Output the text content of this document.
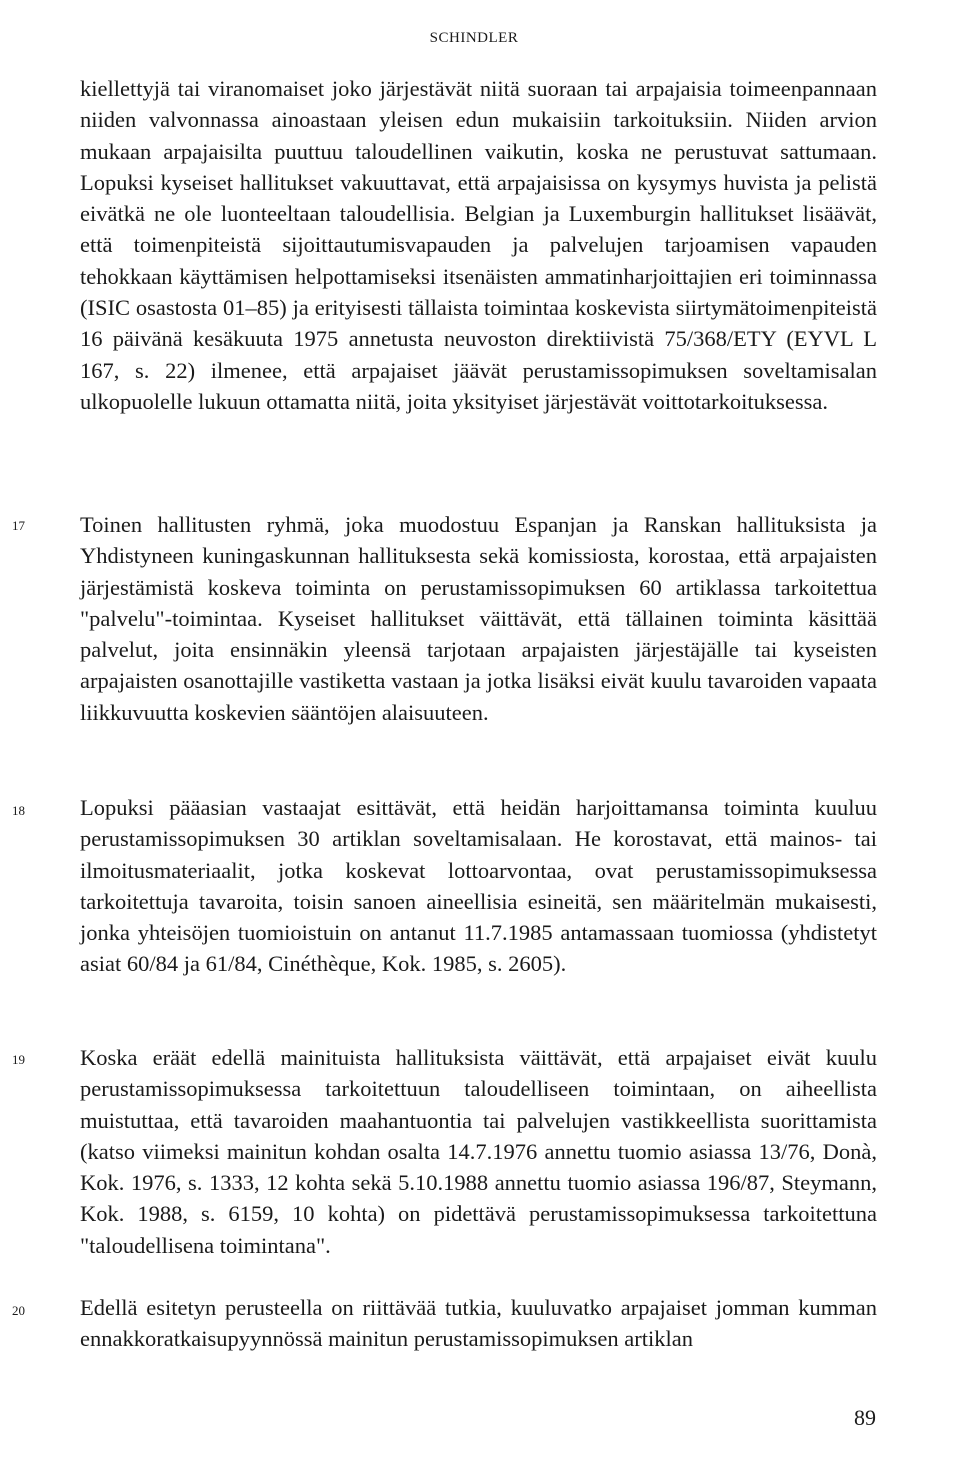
SCHINDLER

kiellettyjä tai viranomaiset joko järjestävät niitä suoraan tai arpajaisia toimeenpannaan niiden valvonnassa ainoastaan yleisen edun mukaisiin tarkoituksiin. Niiden arvion mukaan arpajaisilta puuttuu taloudellinen vaikutin, koska ne perustuvat sattumaan. Lopuksi kyseiset hallitukset vakuuttavat, että arpajaisissa on kysymys huvista ja pelistä eivätkä ne ole luonteeltaan taloudellisia. Belgian ja Luxemburgin hallitukset lisäävät, että toimenpiteistä sijoittautumisvapauden ja palvelujen tarjoamisen vapauden tehokkaan käyttämisen helpottamiseksi itsenäisten ammatinharjoittajien eri toiminnassa (ISIC osastosta 01–85) ja erityisesti tällaista toimintaa koskevista siirtymätoimenpiteistä 16 päivänä kesäkuuta 1975 annetusta neuvoston direktiivistä 75/368/ETY (EYVL L 167, s. 22) ilmenee, että arpajaiset jäävät perustamissopimuksen soveltamisalan ulkopuolelle lukuun ottamatta niitä, joita yksityiset järjestävät voittotarkoituksessa.

17 Toinen hallitusten ryhmä, joka muodostuu Espanjan ja Ranskan hallituksista ja Yhdistyneen kuningaskunnan hallituksesta sekä komissiosta, korostaa, että arpajaisten järjestämistä koskeva toiminta on perustamissopimuksen 60 artiklassa tarkoitettua "palvelu"-toimintaa. Kyseiset hallitukset väittävät, että tällainen toiminta käsittää palvelut, joita ensinnäkin yleensä tarjotaan arpajaisten järjestäjälle tai kyseisten arpajaisten osanottajille vastiketta vastaan ja jotka lisäksi eivät kuulu tavaroiden vapaata liikkuvuutta koskevien sääntöjen alaisuuteen.

18 Lopuksi pääasian vastaajat esittävät, että heidän harjoittamansa toiminta kuuluu perustamissopimuksen 30 artiklan soveltamisalaan. He korostavat, että mainos- tai ilmoitusmateriaalit, jotka koskevat lottoarvontaa, ovat perustamissopimuksessa tarkoitettuja tavaroita, toisin sanoen aineellisia esineitä, sen määritelmän mukaisesti, jonka yhteisöjen tuomioistuin on antanut 11.7.1985 antamassaan tuomiossa (yhdistetyt asiat 60/84 ja 61/84, Cinéthèque, Kok. 1985, s. 2605).

19 Koska eräät edellä mainituista hallituksista väittävät, että arpajaiset eivät kuulu perustamissopimuksessa tarkoitettuun taloudelliseen toimintaan, on aiheellista muistuttaa, että tavaroiden maahantuontia tai palvelujen vastikkeellista suorittamista (katso viimeksi mainitun kohdan osalta 14.7.1976 annettu tuomio asiassa 13/76, Donà, Kok. 1976, s. 1333, 12 kohta sekä 5.10.1988 annettu tuomio asiassa 196/87, Steymann, Kok. 1988, s. 6159, 10 kohta) on pidettävä perustamissopimuksessa tarkoitettuna "taloudellisena toimintana".

20 Edellä esitetyn perusteella on riittävää tutkia, kuuluvatko arpajaiset jomman kumman ennakkoratkaisupyynnössä mainitun perustamissopimuksen artiklan

89
